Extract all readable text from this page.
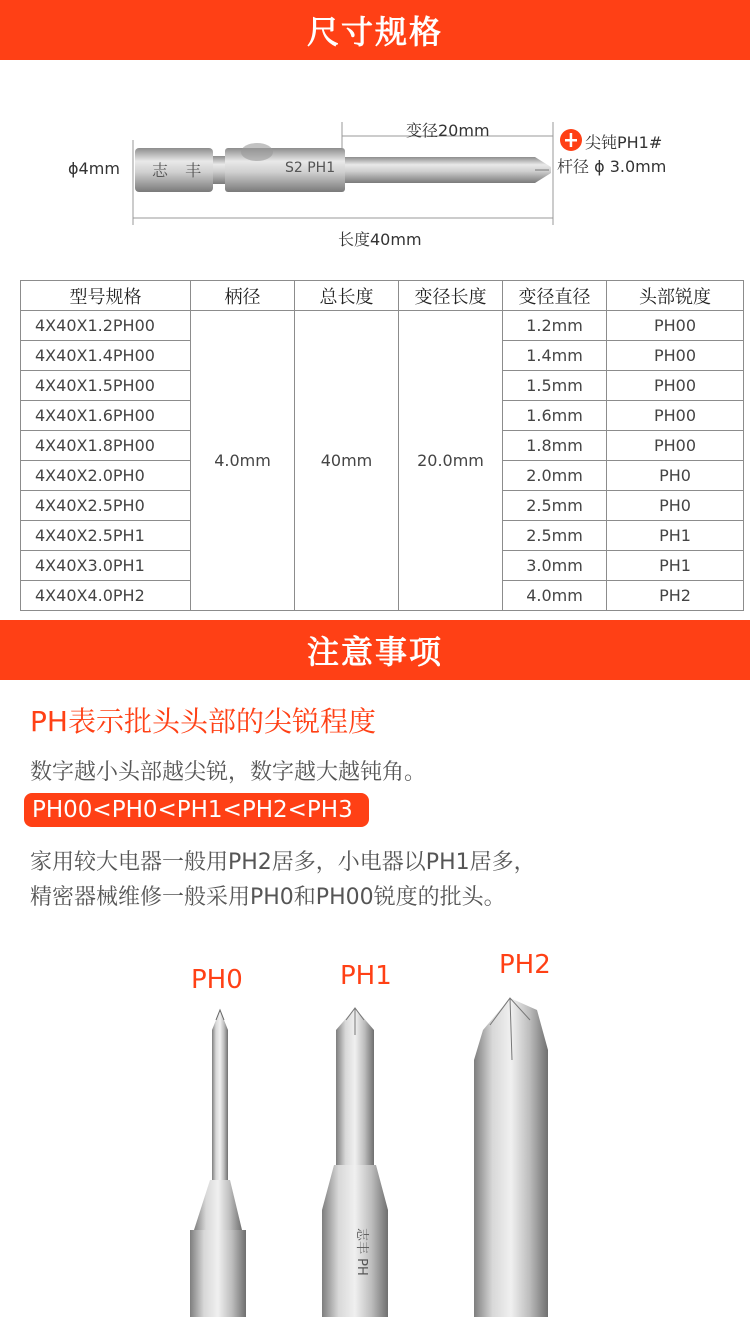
尺寸规格
志 丰	S2 PH1
ϕ4mm
变径20mm
尖钝PH1#
杆径 ϕ 3.0mm
长度40mm
型号规格	柄径	总长度	变径长度	变径直径	头部锐度
4X40X1.2PH00	4.0mm	40mm	20.0mm	1.2mm	PH00
4X40X1.4PH00				1.4mm	PH00
4X40X1.5PH00				1.5mm	PH00
4X40X1.6PH00				1.6mm	PH00
4X40X1.8PH00				1.8mm	PH00
4X40X2.0PH0				2.0mm	PH0
4X40X2.5PH0				2.5mm	PH0
4X40X2.5PH1				2.5mm	PH1
4X40X3.0PH1				3.0mm	PH1
4X40X4.0PH2				4.0mm	PH2
注意事项
PH表示批头头部的尖锐程度
数字越小头部越尖锐，数字越大越钝角。
PH00<PH0<PH1<PH2<PH3
家用较大电器一般用PH2居多，小电器以PH1居多，
精密器械维修一般采用PH0和PH00锐度的批头。
PH0	PH1	PH2
志丰 PH
